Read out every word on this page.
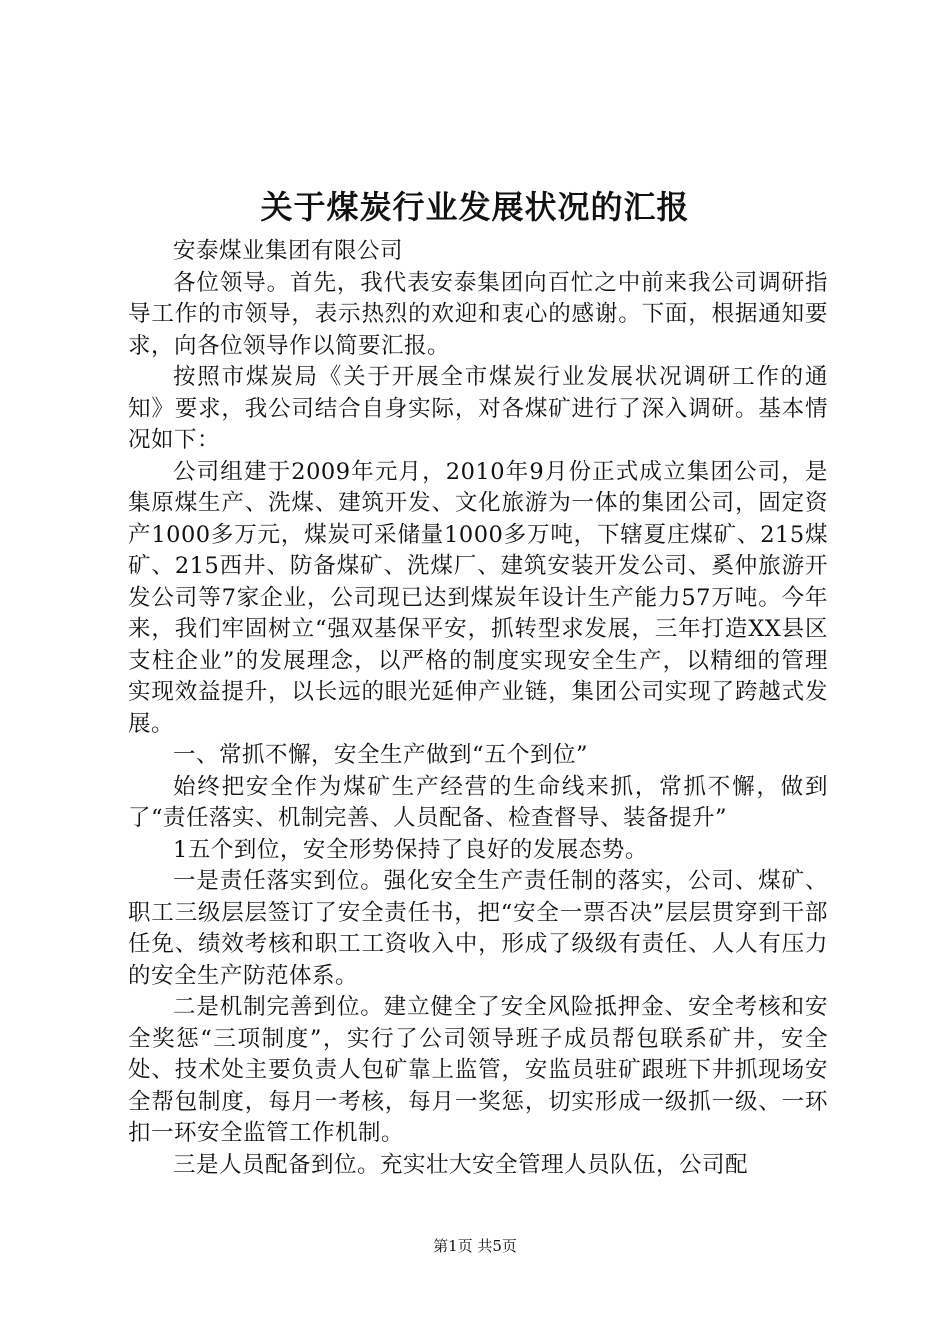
关于煤炭行业发展状况的汇报

安泰煤业集团有限公司

各位领导。首先，我代表安泰集团向百忙之中前来我公司调研指导工作的市领导，表示热烈的欢迎和衷心的感谢。下面，根据通知要求，向各位领导作以简要汇报。

按照市煤炭局《关于开展全市煤炭行业发展状况调研工作的通知》要求，我公司结合自身实际，对各煤矿进行了深入调研。基本情况如下：

公司组建于2009年元月，2010年9月份正式成立集团公司，是集原煤生产、洗煤、建筑开发、文化旅游为一体的集团公司，固定资产1000多万元，煤炭可采储量1000多万吨，下辖夏庄煤矿、215煤矿、215西井、防备煤矿、洗煤厂、建筑安装开发公司、奚仲旅游开发公司等7家企业，公司现已达到煤炭年设计生产能力57万吨。今年来，我们牢固树立“强双基保平安，抓转型求发展，三年打造XX县区支柱企业”的发展理念，以严格的制度实现安全生产，以精细的管理实现效益提升，以长远的眼光延伸产业链，集团公司实现了跨越式发展。

一、常抓不懈，安全生产做到“五个到位”

始终把安全作为煤矿生产经营的生命线来抓，常抓不懈，做到了“责任落实、机制完善、人员配备、检查督导、装备提升”

1五个到位，安全形势保持了良好的发展态势。

一是责任落实到位。强化安全生产责任制的落实，公司、煤矿、职工三级层层签订了安全责任书，把“安全一票否决”层层贯穿到干部任免、绩效考核和职工工资收入中，形成了级级有责任、人人有压力的安全生产防范体系。

二是机制完善到位。建立健全了安全风险抵押金、安全考核和安全奖惩“三项制度”，实行了公司领导班子成员帮包联系矿井，安全处、技术处主要负责人包矿靠上监管，安监员驻矿跟班下井抓现场安全帮包制度，每月一考核，每月一奖惩，切实形成一级抓一级、一环扣一环安全监管工作机制。

三是人员配备到位。充实壮大安全管理人员队伍，公司配

第1页 共5页
